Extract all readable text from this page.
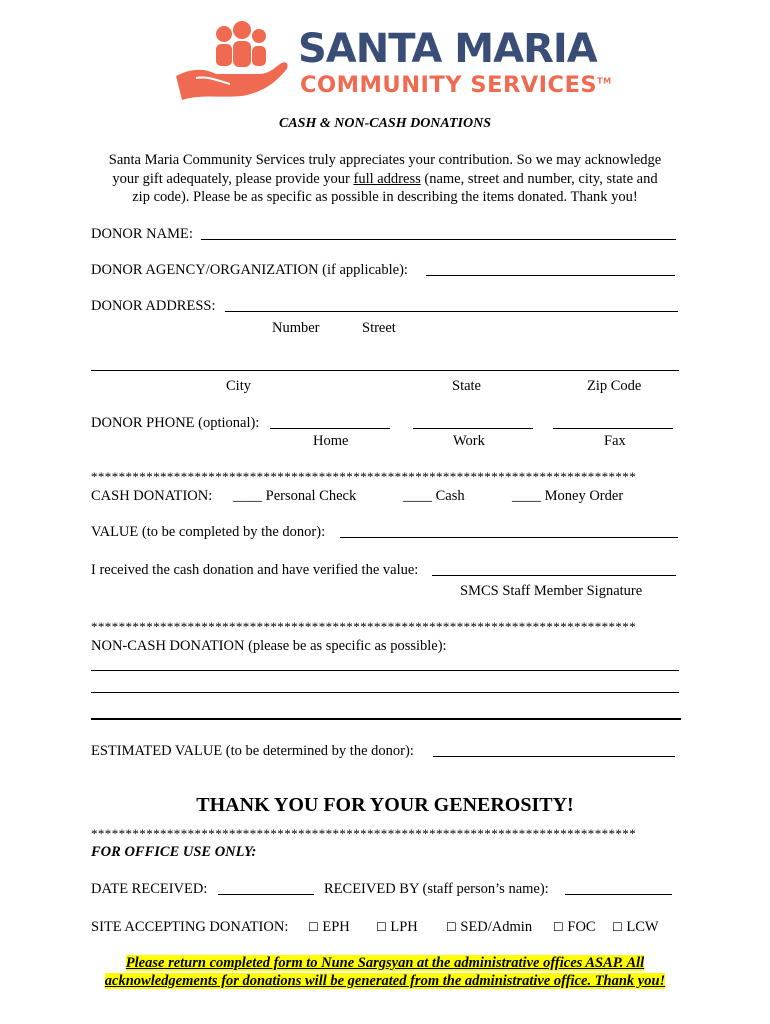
SANTA MARIA
COMMUNITY SERVICES™
CASH & NON-CASH DONATIONS
Santa Maria Community Services truly appreciates your contribution. So we may acknowledge
your gift adequately, please provide your full address (name, street and number, city, state and
zip code). Please be as specific as possible in describing the items donated. Thank you!
DONOR NAME:
DONOR AGENCY/ORGANIZATION (if applicable):
DONOR ADDRESS:
Number	Street
City	State	Zip Code
DONOR PHONE (optional):
Home	Work	Fax
*******************************************************************************
CASH DONATION: ____ Personal Check	____ Cash	____ Money Order
VALUE (to be completed by the donor):
I received the cash donation and have verified the value:
SMCS Staff Member Signature
*******************************************************************************
NON-CASH DONATION (please be as specific as possible):
ESTIMATED VALUE (to be determined by the donor):
THANK YOU FOR YOUR GENEROSITY!
*******************************************************************************
FOR OFFICE USE ONLY:
DATE RECEIVED:	RECEIVED BY (staff person’s name):
SITE ACCEPTING DONATION: ☐ EPH ☐ LPH ☐ SED/Admin ☐ FOC ☐ LCW
Please return completed form to Nune Sargsyan at the administrative offices ASAP. All
acknowledgements for donations will be generated from the administrative office. Thank you!
